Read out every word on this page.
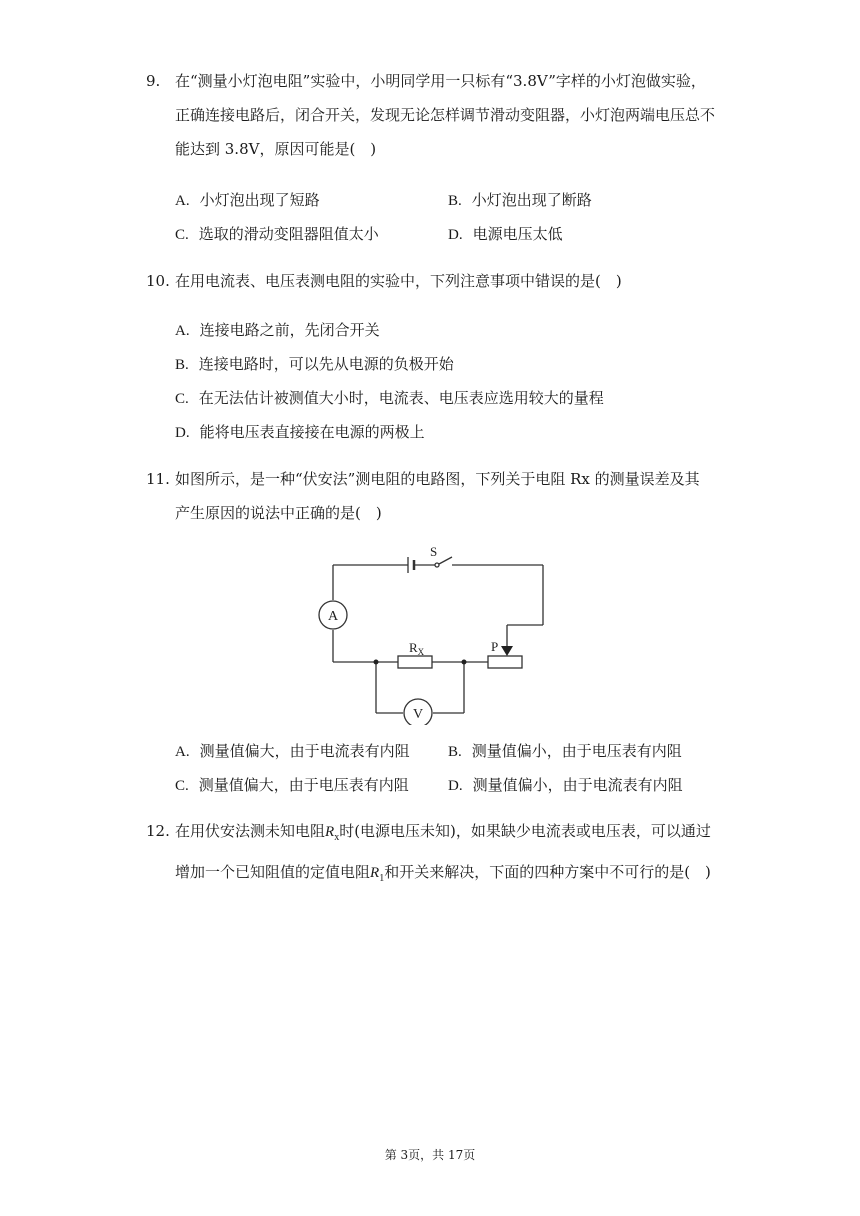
9. 在“测量小灯泡电阻”实验中，小明同学用一只标有“3.8V”字样的小灯泡做实验，
正确连接电路后，闭合开关，发现无论怎样调节滑动变阻器，小灯泡两端电压总不
能达到 3.8V，原因可能是(　)
A. 小灯泡出现了短路	B. 小灯泡出现了断路
C. 选取的滑动变阻器阻值太小	D. 电源电压太低
10. 在用电流表、电压表测电阻的实验中，下列注意事项中错误的是(　)
A. 连接电路之前，先闭合开关
B. 连接电路时，可以先从电源的负极开始
C. 在无法估计被测值大小时，电流表、电压表应选用较大的量程
D. 能将电压表直接接在电源的两极上
11. 如图所示，是一种“伏安法”测电阻的电路图，下列关于电阻 Rx 的测量误差及其
产生原因的说法中正确的是(　)
S
A
V
$R_X$	P
A. 测量值偏大，由于电流表有内阻	B. 测量值偏小，由于电压表有内阻
C. 测量值偏大，由于电压表有内阻	D. 测量值偏小，由于电流表有内阻
12. 在用伏安法测未知电阻$R_x$时(电源电压未知)，如果缺少电流表或电压表，可以通过
增加一个已知阻值的定值电阻$R_1$和开关来解决，下面的四种方案中不可行的是(　)
第 3页，共 17页
